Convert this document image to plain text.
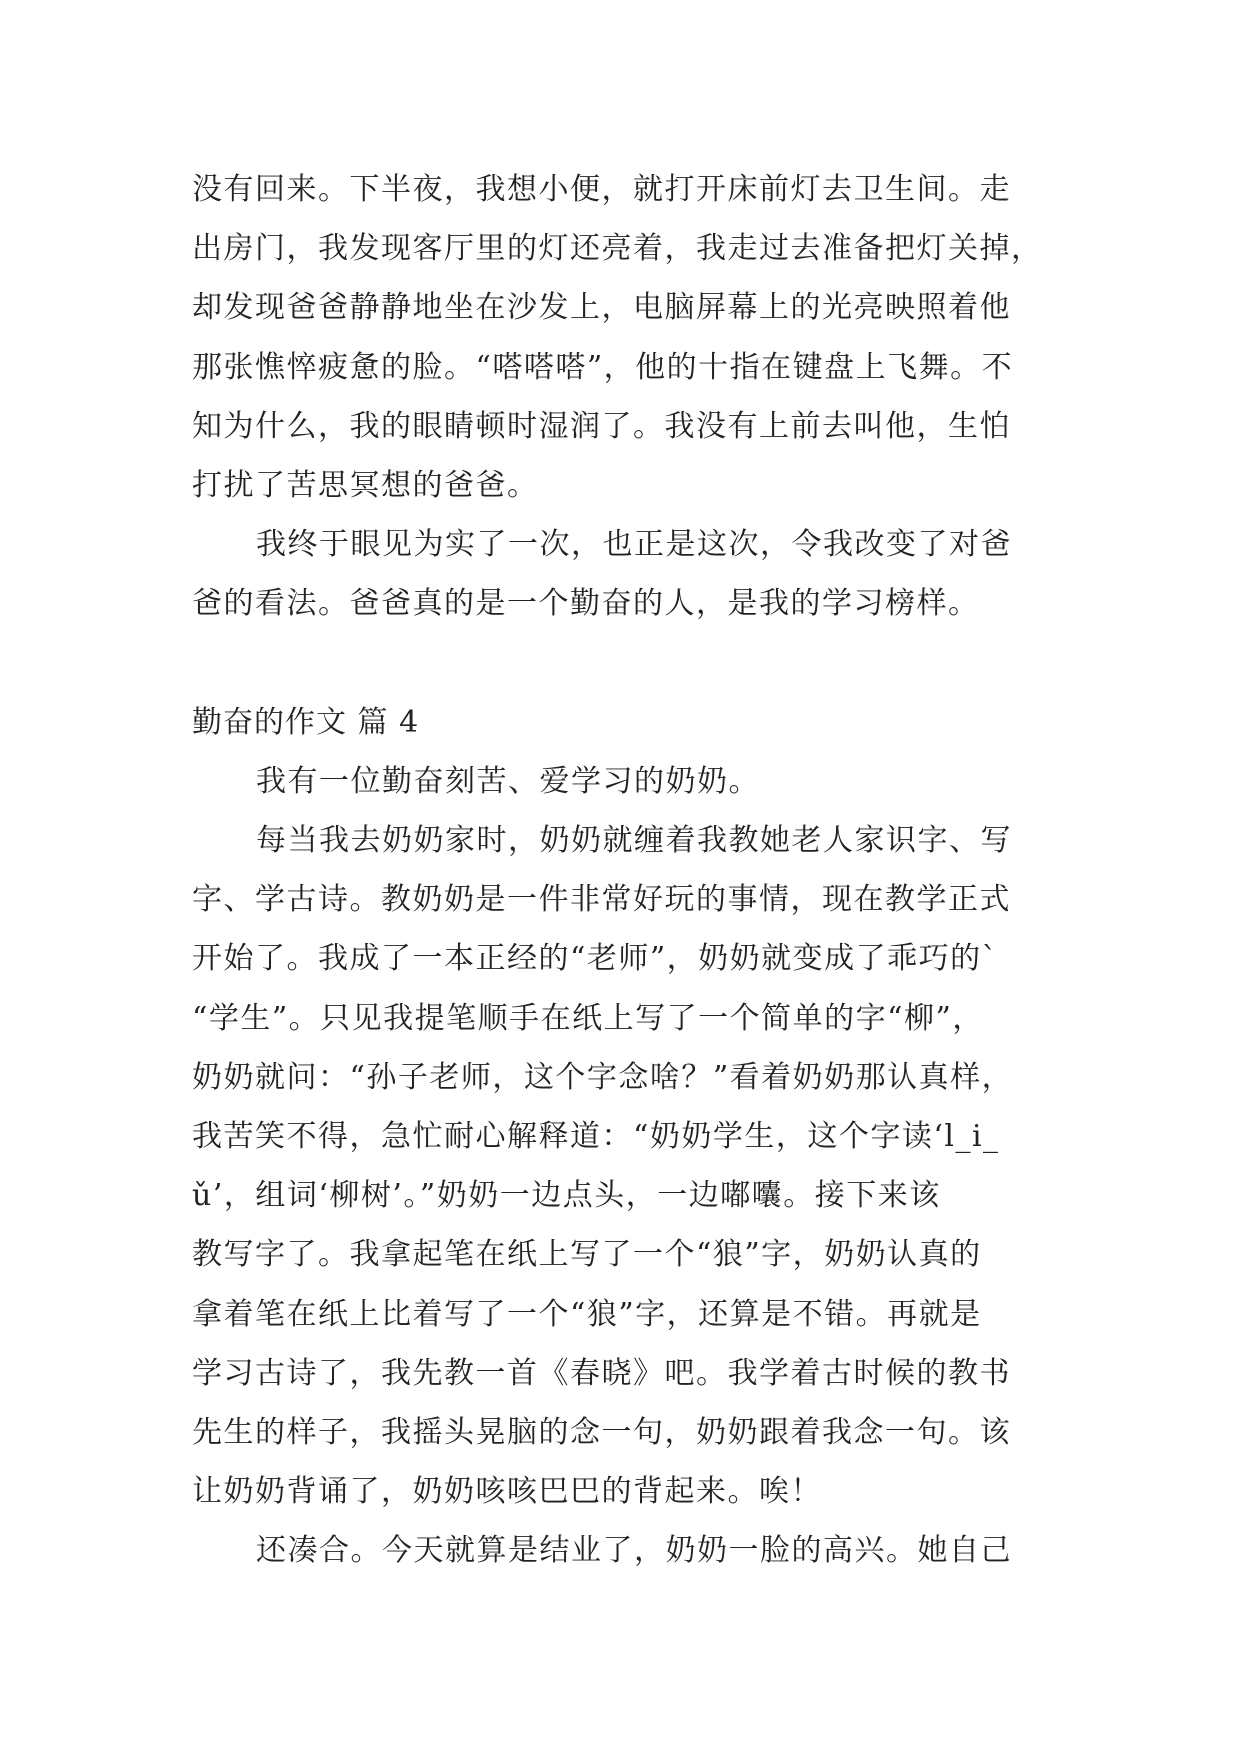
没有回来。下半夜，我想小便，就打开床前灯去卫生间。走
出房门，我发现客厅里的灯还亮着，我走过去准备把灯关掉，
却发现爸爸静静地坐在沙发上，电脑屏幕上的光亮映照着他
那张憔悴疲惫的脸。“嗒嗒嗒”，他的十指在键盘上飞舞。不
知为什么，我的眼睛顿时湿润了。我没有上前去叫他，生怕
打扰了苦思冥想的爸爸。
我终于眼见为实了一次，也正是这次，令我改变了对爸
爸的看法。爸爸真的是一个勤奋的人，是我的学习榜样。
勤奋的作文 篇 4
我有一位勤奋刻苦、爱学习的奶奶。
每当我去奶奶家时，奶奶就缠着我教她老人家识字、写
字、学古诗。教奶奶是一件非常好玩的事情，现在教学正式
开始了。我成了一本正经的“老师”，奶奶就变成了乖巧的`
“学生”。只见我提笔顺手在纸上写了一个简单的字“柳”，
奶奶就问：“孙子老师，这个字念啥？”看着奶奶那认真样，
我苦笑不得，急忙耐心解释道：“奶奶学生，这个字读‘l_i_
ǔ’，组词‘柳树’。”奶奶一边点头，一边嘟囔。接下来该
教写字了。我拿起笔在纸上写了一个“狼”字，奶奶认真的
拿着笔在纸上比着写了一个“狼”字，还算是不错。再就是
学习古诗了，我先教一首《春晓》吧。我学着古时候的教书
先生的样子，我摇头晃脑的念一句，奶奶跟着我念一句。该
让奶奶背诵了，奶奶咳咳巴巴的背起来。唉！
还凑合。今天就算是结业了，奶奶一脸的高兴。她自己
